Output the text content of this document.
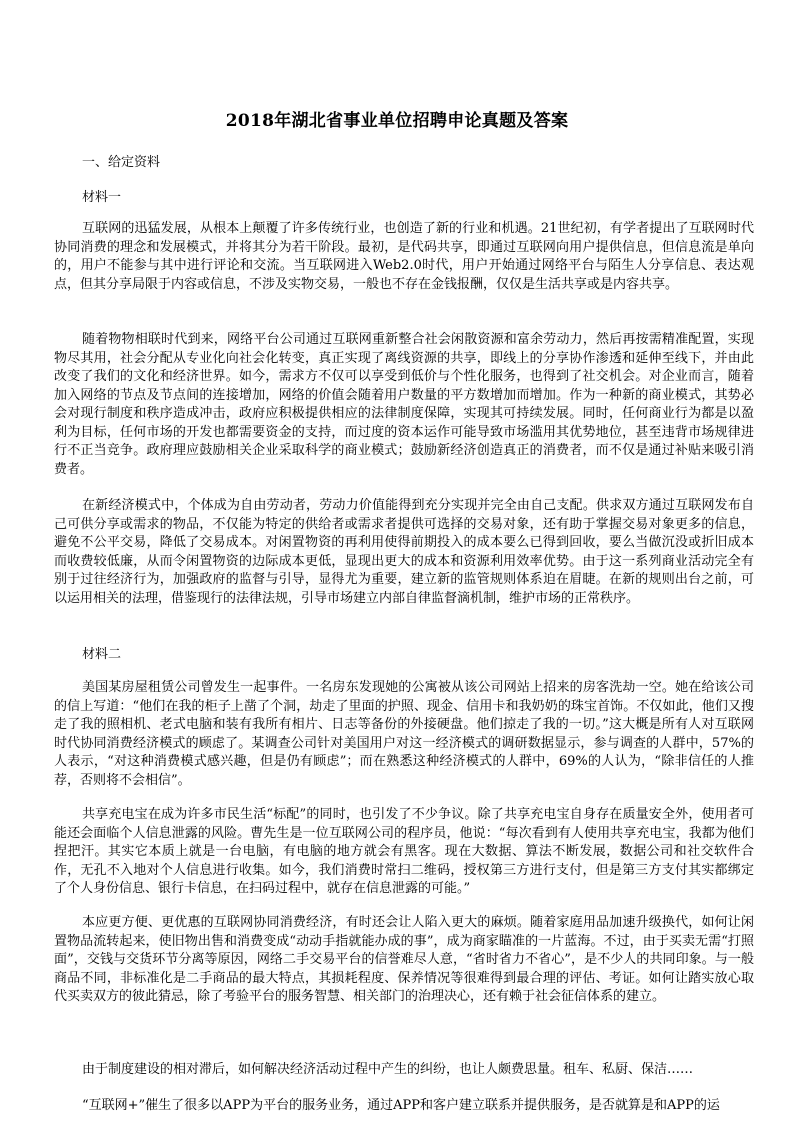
2018年湖北省事业单位招聘申论真题及答案
一、给定资料
材料一

互联网的迅猛发展，从根本上颠覆了许多传统行业，也创造了新的行业和机遇。21世纪初，有学者提出了互联网时代协同消费的理念和发展模式，并将其分为若干阶段。最初，是代码共享，即通过互联网向用户提供信息，但信息流是单向的，用户不能参与其中进行评论和交流。当互联网进入Web2.0时代，用户开始通过网络平台与陌生人分享信息、表达观点，但其分享局限于内容或信息，不涉及实物交易，一般也不存在金钱报酬，仅仅是生活共享或是内容共享。

随着物物相联时代到来，网络平台公司通过互联网重新整合社会闲散资源和富余劳动力，然后再按需精准配置，实现物尽其用，社会分配从专业化向社会化转变，真正实现了离线资源的共享，即线上的分享协作渗透和延伸至线下，并由此改变了我们的文化和经济世界。如今，需求方不仅可以享受到低价与个性化服务，也得到了社交机会。对企业而言，随着加入网络的节点及节点间的连接增加，网络的价值会随着用户数量的平方数增加而增加。作为一种新的商业模式，其势必会对现行制度和秩序造成冲击，政府应积极提供相应的法律制度保障，实现其可持续发展。同时，任何商业行为都是以盈利为目标，任何市场的开发也都需要资金的支持，而过度的资本运作可能导致市场滥用其优势地位，甚至违背市场规律进行不正当竞争。政府理应鼓励相关企业采取科学的商业模式；鼓励新经济创造真正的消费者，而不仅是通过补贴来吸引消费者。

在新经济模式中，个体成为自由劳动者，劳动力价值能得到充分实现并完全由自己支配。供求双方通过互联网发布自己可供分享或需求的物品，不仅能为特定的供给者或需求者提供可选择的交易对象，还有助于掌握交易对象更多的信息，避免不公平交易，降低了交易成本。对闲置物资的再利用使得前期投入的成本要么已得到回收，要么当做沉没或折旧成本而收费较低廉，从而令闲置物资的边际成本更低，显现出更大的成本和资源利用效率优势。由于这一系列商业活动完全有别于过往经济行为，加强政府的监督与引导，显得尤为重要，建立新的监管规则体系迫在眉睫。在新的规则出台之前，可以运用相关的法理，借鉴现行的法律法规，引导市场建立内部自律监督滴机制，维护市场的正常秩序。

材料二

美国某房屋租赁公司曾发生一起事件。一名房东发现她的公寓被从该公司网站上招来的房客洗劫一空。她在给该公司的信上写道：“他们在我的柜子上凿了个洞，劫走了里面的护照、现金、信用卡和我奶奶的珠宝首饰。不仅如此，他们又搜走了我的照相机、老式电脑和装有我所有相片、日志等备份的外接硬盘。他们掠走了我的一切。”这大概是所有人对互联网时代协同消费经济模式的顾虑了。某调查公司针对美国用户对这一经济模式的调研数据显示，参与调查的人群中，57%的人表示，“对这种消费模式感兴趣，但是仍有顾虑”；而在熟悉这种经济模式的人群中，69%的人认为，“除非信任的人推荐，否则将不会相信”。

共享充电宝在成为许多市民生活“标配”的同时，也引发了不少争议。除了共享充电宝自身存在质量安全外，使用者可能还会面临个人信息泄露的风险。曹先生是一位互联网公司的程序员，他说：“每次看到有人使用共享充电宝，我都为他们捏把汗。其实它本质上就是一台电脑，有电脑的地方就会有黑客。现在大数据、算法不断发展，数据公司和社交软件合作，无孔不入地对个人信息进行收集。如今，我们消费时常扫二维码，授权第三方进行支付，但是第三方支付其实都绑定了个人身份信息、银行卡信息，在扫码过程中，就存在信息泄露的可能。”

本应更方便、更优惠的互联网协同消费经济，有时还会让人陷入更大的麻烦。随着家庭用品加速升级换代，如何让闲置物品流转起来，使旧物出售和消费变成“动动手指就能办成的事”，成为商家瞄准的一片蓝海。不过，由于买卖无需“打照面”，交钱与交货环节分离等原因，网络二手交易平台的信誉难尽人意，“省时省力不省心”，是不少人的共同印象。与一般商品不同，非标准化是二手商品的最大特点，其损耗程度、保养情况等很难得到最合理的评估、考证。如何让踏实放心取代买卖双方的彼此猜忌，除了考验平台的服务智慧、相关部门的治理决心，还有赖于社会征信体系的建立。

由于制度建设的相对滞后，如何解决经济活动过程中产生的纠纷，也让人颇费思量。租车、私厨、保洁……

“互联网+”催生了很多以APP为平台的服务业务，通过APP和客户建立联系并提供服务，是否就算是和APP的运
